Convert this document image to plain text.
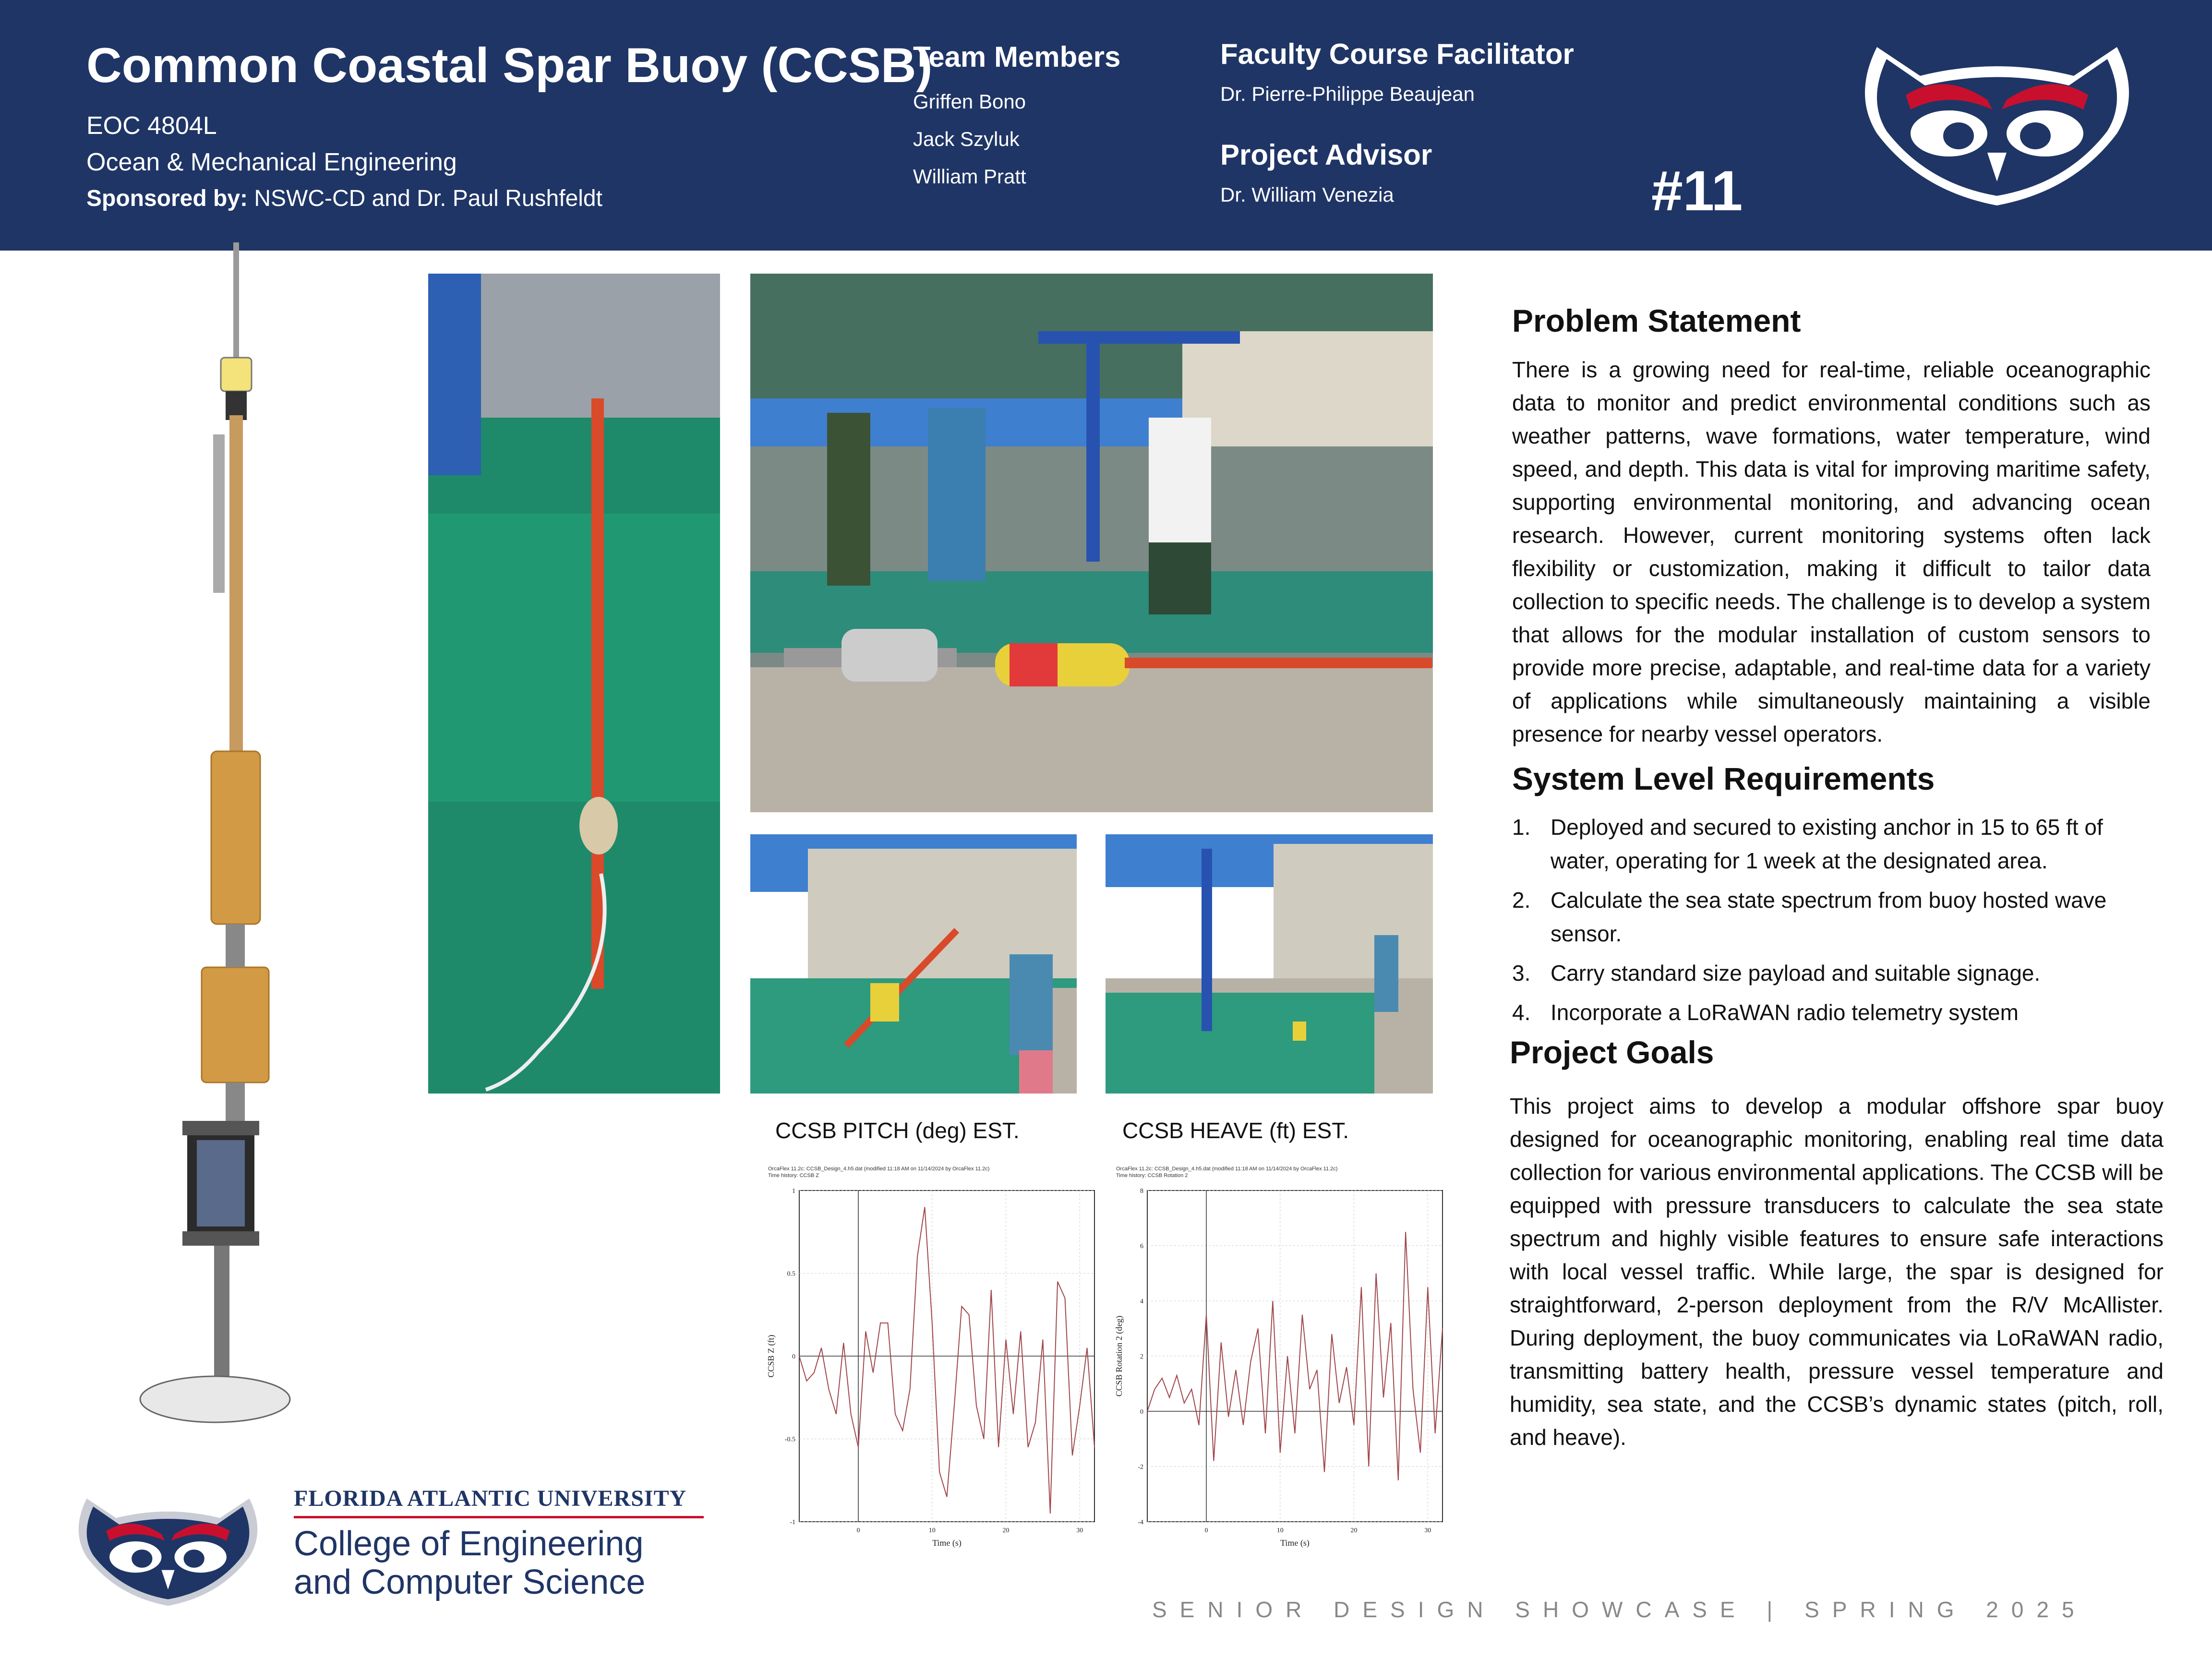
Common Coastal Spar Buoy (CCSB)
EOC 4804L
Ocean & Mechanical Engineering
Sponsored by: NSWC-CD and Dr. Paul Rushfeldt
Team Members
Griffen Bono
Jack Szyluk
William Pratt
Faculty Course Facilitator
Dr. Pierre-Philippe Beaujean
Project Advisor
Dr. William Venezia	#11
CCSB PITCH (deg) EST.	CCSB HEAVE (ft) EST.
OrcaFlex 11.2c: CCSB_Design_4.h5.dat (modified 11:18 AM on 11/14/2024 by OrcaFlex 11.2c)
Time history: CCSB Z
-1
-0.5
0
0.5
1
0	10	20	30
Time (s)
CCSB Z (ft)
OrcaFlex 11.2c: CCSB_Design_4.h5.dat (modified 11:18 AM on 11/14/2024 by OrcaFlex 11.2c)
Time history: CCSB Rotation 2
-4
-2
0
2
4
6
8
0	10	20	30
Time (s)
CCSB Rotation 2 (deg)
Problem Statement
There is a growing need for real-time, reliable oceanographic data to monitor and predict environmental conditions such as weather patterns, wave formations, water temperature, wind speed, and depth. This data is vital for improving maritime safety, supporting environmental monitoring, and advancing ocean research. However, current monitoring systems often lack flexibility or customization, making it difficult to tailor data collection to specific needs. The challenge is to develop a system that allows for the modular installation of custom sensors to provide more precise, adaptable, and real-time data for a variety of applications while simultaneously maintaining a visible presence for nearby vessel operators.
System Level Requirements
1. Deployed and secured to existing anchor in 15 to 65 ft of water, operating for 1 week at the designated area.
2. Calculate the sea state spectrum from buoy hosted wave sensor.
3. Carry standard size payload and suitable signage.
4. Incorporate a LoRaWAN radio telemetry system
Project Goals
This project aims to develop a modular offshore spar buoy designed for oceanographic monitoring, enabling real time data collection for various environmental applications. The CCSB will be equipped with pressure transducers to calculate the sea state spectrum and highly visible features to ensure safe interactions with local vessel traffic. While large, the spar is designed for straightforward, 2-person deployment from the R/V McAllister. During deployment, the buoy communicates via LoRaWAN radio, transmitting battery health, pressure vessel temperature and humidity, sea state, and the CCSB’s dynamic states (pitch, roll, and heave).
FLORIDA ATLANTIC UNIVERSITY
College of Engineering
and Computer Science
SENIOR DESIGN SHOWCASE | SPRING 2025
